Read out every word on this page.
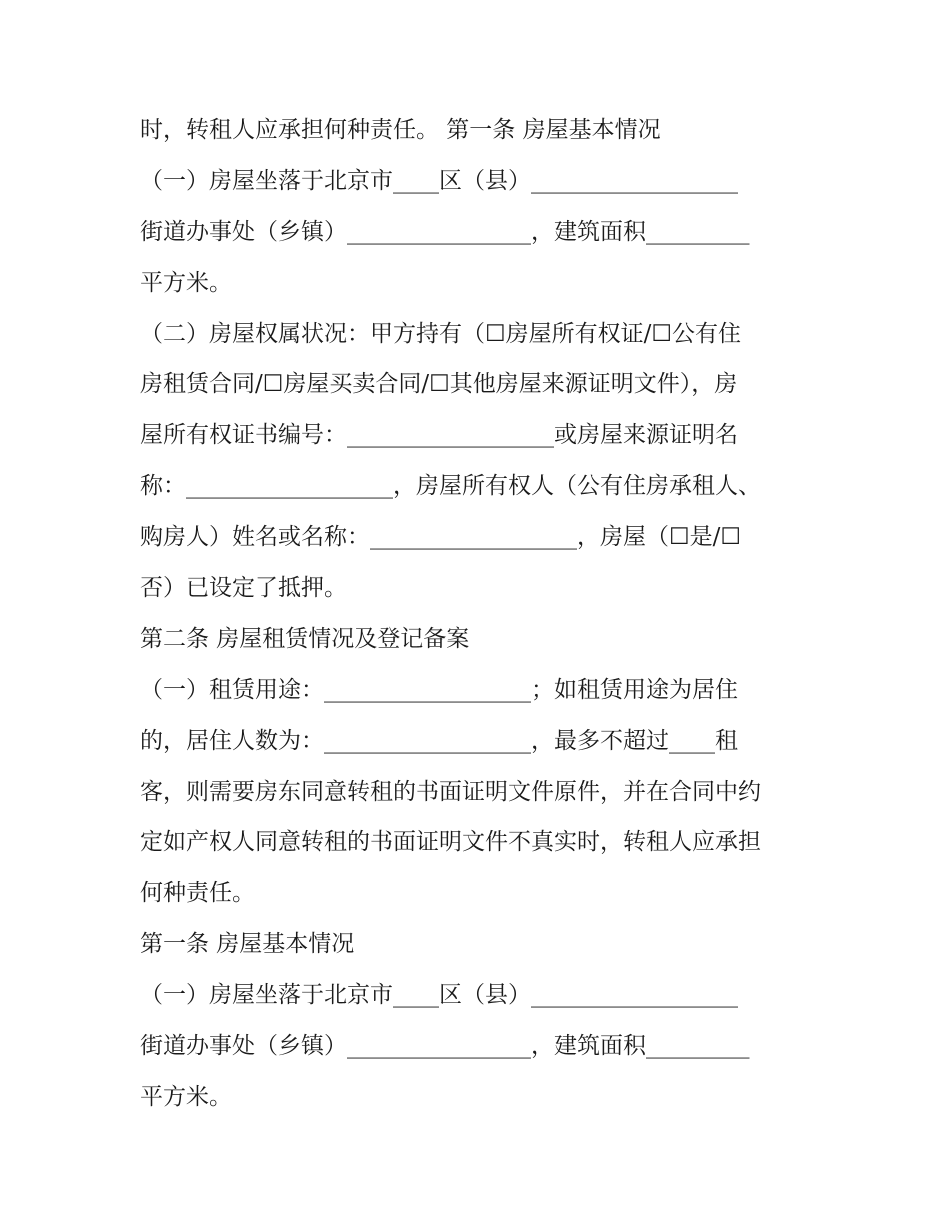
时，转租人应承担何种责任。 第一条 房屋基本情况
（一）房屋坐落于北京市____区（县）__________________
街道办事处（乡镇）________________，建筑面积_________
平方米。
（二）房屋权属状况：甲方持有（☐房屋所有权证/☐公有住
房租赁合同/☐房屋买卖合同/☐其他房屋来源证明文件），房
屋所有权证书编号：__________________或房屋来源证明名
称：__________________，房屋所有权人（公有住房承租人、
购房人）姓名或名称：__________________，房屋（☐是/☐
否）已设定了抵押。
第二条 房屋租赁情况及登记备案
（一）租赁用途：__________________；如租赁用途为居住
的，居住人数为：__________________，最多不超过____租
客，则需要房东同意转租的书面证明文件原件，并在合同中约
定如产权人同意转租的书面证明文件不真实时，转租人应承担
何种责任。
第一条 房屋基本情况
（一）房屋坐落于北京市____区（县）__________________
街道办事处（乡镇）________________，建筑面积_________
平方米。
